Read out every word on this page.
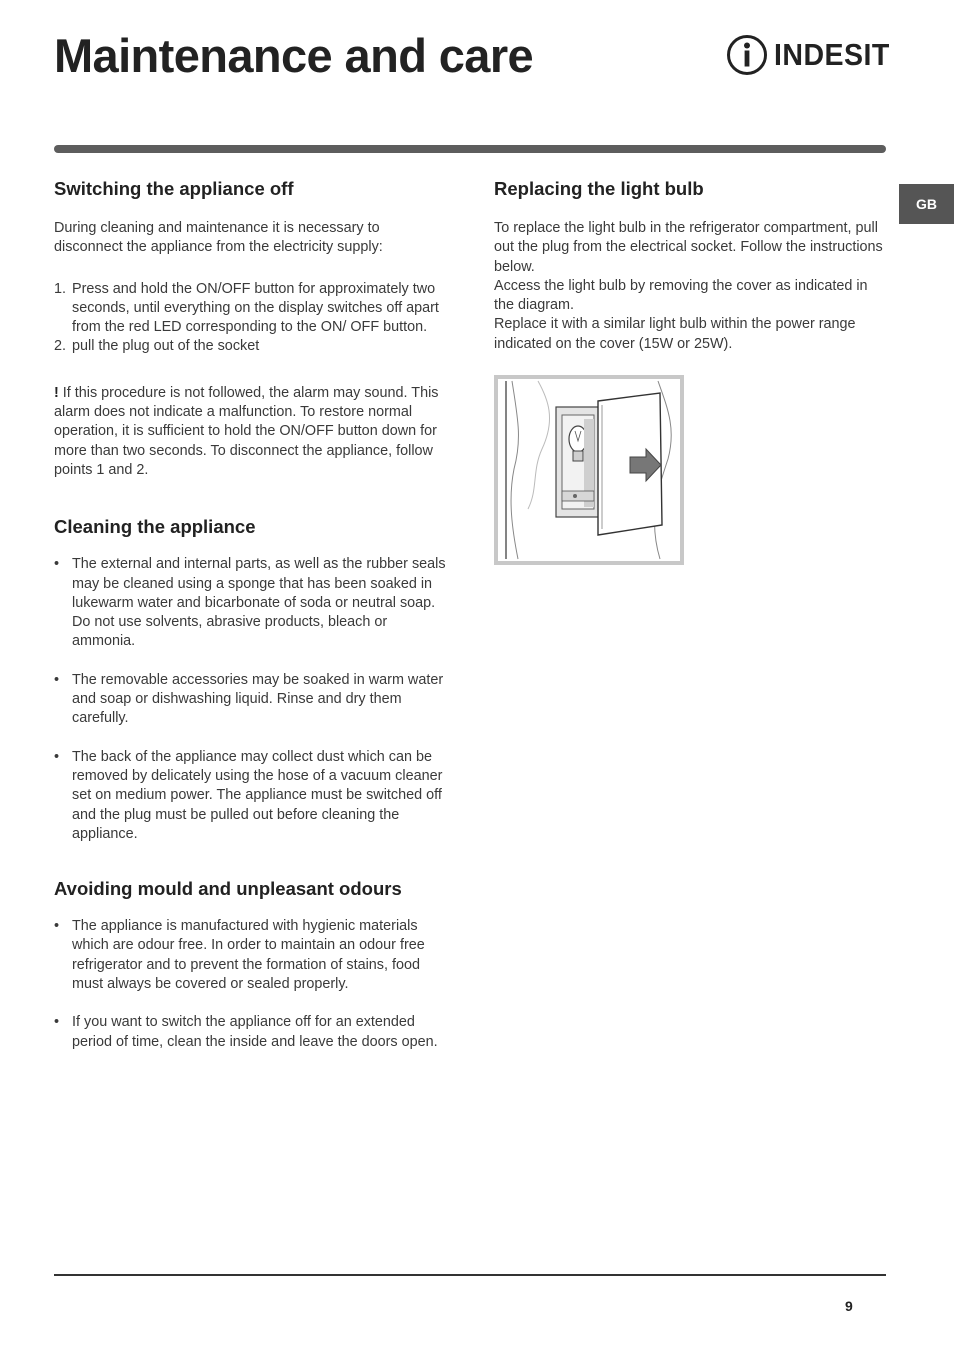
Maintenance and care	INDESIT
GB
Switching the appliance off

During cleaning and maintenance it is necessary to disconnect the appliance from the electricity supply:

1. Press and hold the ON/OFF button for approximately two seconds, until everything on the display switches off apart from the red LED corresponding to the ON/ OFF button.
2. pull the plug out of the socket

! If this procedure is not followed, the alarm may sound. This alarm does not indicate a malfunction. To restore normal operation, it is sufficient to hold the ON/OFF button down for more than two seconds. To disconnect the appliance, follow points 1 and 2.

Cleaning the appliance
• The external and internal parts, as well as the rubber seals may be cleaned using a sponge that has been soaked in lukewarm water and bicarbonate of soda or neutral soap. Do not use solvents, abrasive products, bleach or ammonia.
• The removable accessories may be soaked in warm water and soap or dishwashing liquid. Rinse and dry them carefully.
• The back of the appliance may collect dust which can be removed by delicately using the hose of a vacuum cleaner set on medium power. The appliance must be switched off and the plug must be pulled out before cleaning the appliance.
Avoiding mould and unpleasant odours
• The appliance is manufactured with hygienic materials which are odour free. In order to maintain an odour free refrigerator and to prevent the formation of stains, food must always be covered or sealed properly.
• If you want to switch the appliance off for an extended period of time, clean the inside and leave the doors open.
Replacing the light bulb

To replace the light bulb in the refrigerator compartment, pull out the plug from the electrical socket. Follow the instructions below.

Access the light bulb by removing the cover as indicated in the diagram.

Replace it with a similar light bulb within the power range indicated on the cover (15W or 25W).

9
